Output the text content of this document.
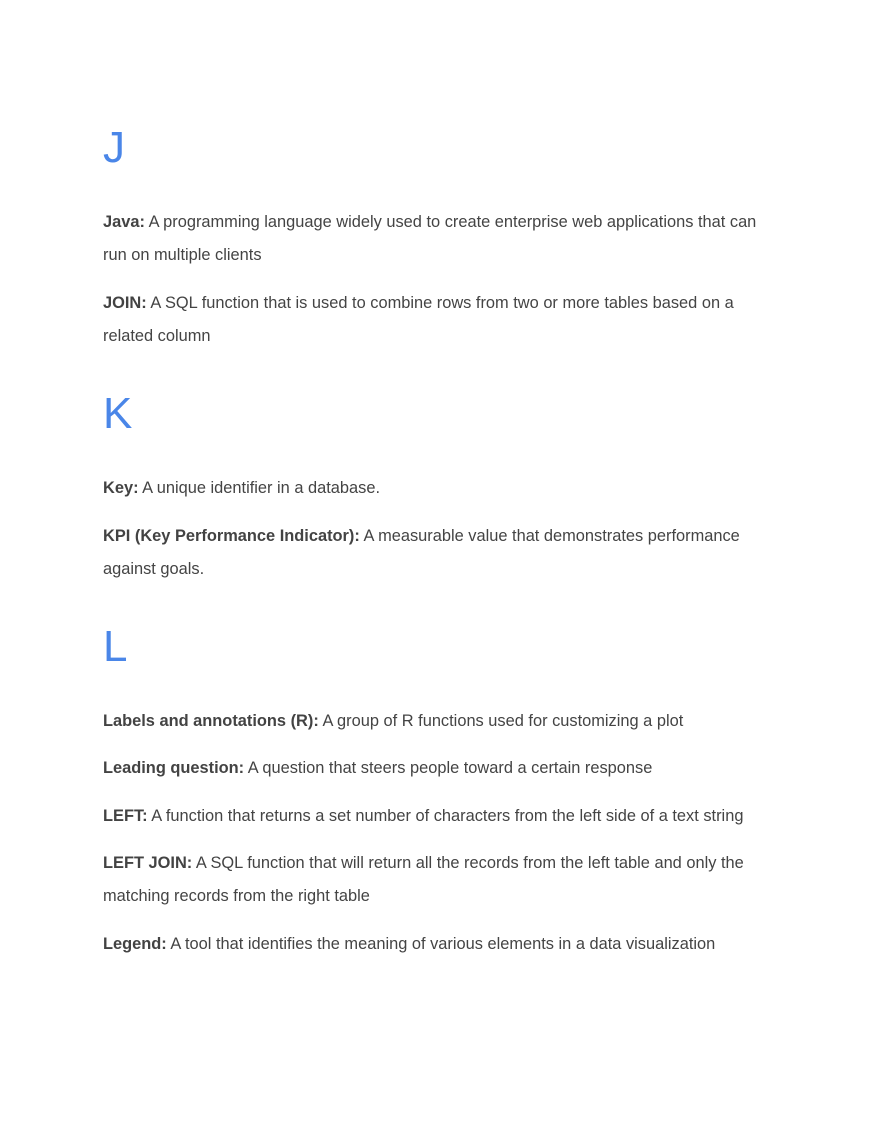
J

Java: A programming language widely used to create enterprise web applications that can run on multiple clients

JOIN: A SQL function that is used to combine rows from two or more tables based on a related column

K

Key: A unique identifier in a database.

KPI (Key Performance Indicator): A measurable value that demonstrates performance against goals.

L

Labels and annotations (R): A group of R functions used for customizing a plot

Leading question: A question that steers people toward a certain response

LEFT: A function that returns a set number of characters from the left side of a text string

LEFT JOIN: A SQL function that will return all the records from the left table and only the matching records from the right table

Legend: A tool that identifies the meaning of various elements in a data visualization
